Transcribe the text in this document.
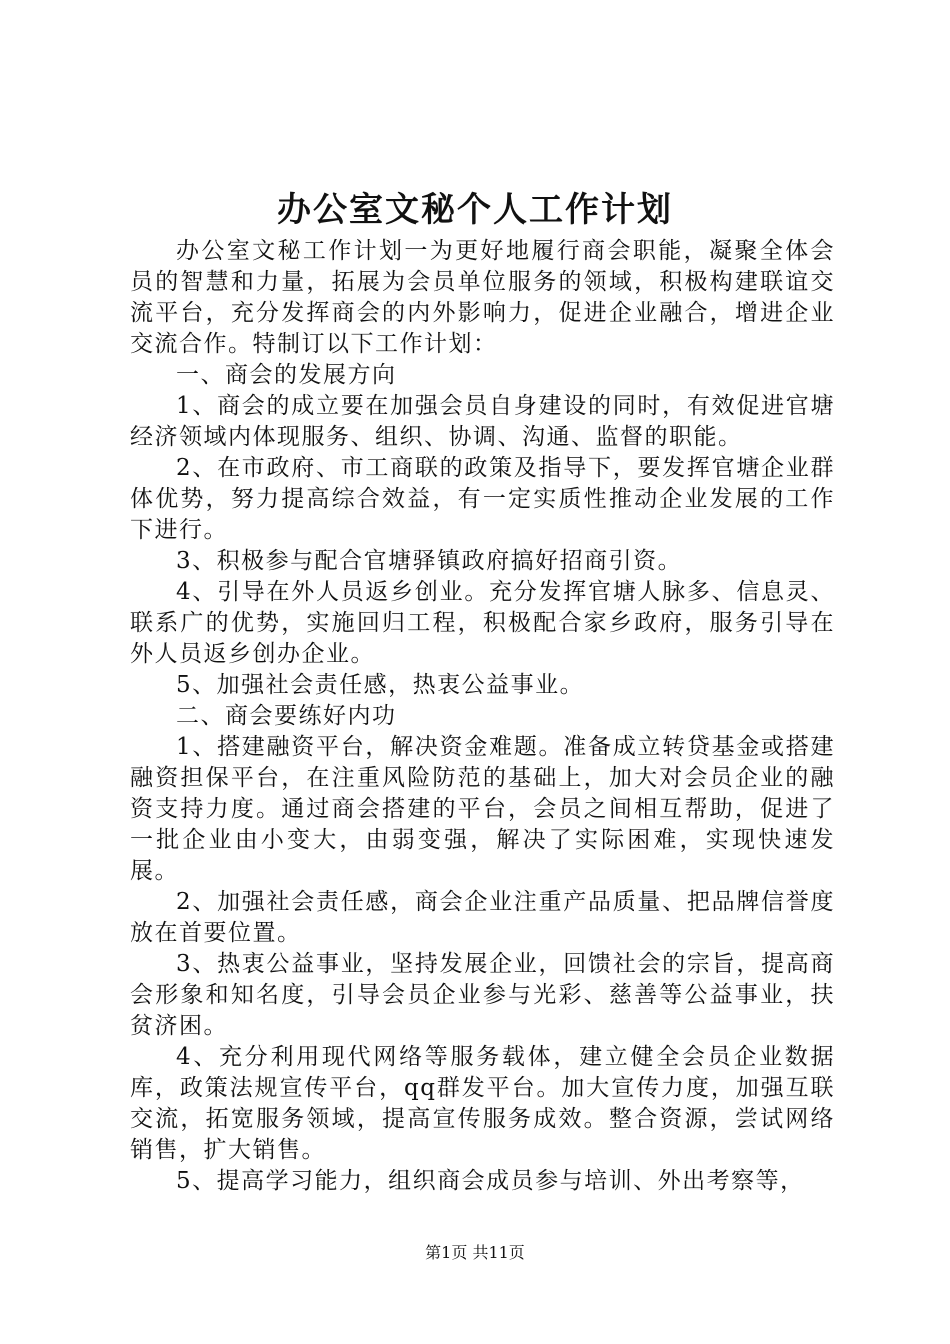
办公室文秘个人工作计划

办公室文秘工作计划一为更好地履行商会职能，凝聚全体会员的智慧和力量，拓展为会员单位服务的领域，积极构建联谊交流平台，充分发挥商会的内外影响力，促进企业融合，增进企业交流合作。特制订以下工作计划：

一、商会的发展方向

1、商会的成立要在加强会员自身建设的同时，有效促进官塘经济领域内体现服务、组织、协调、沟通、监督的职能。

2、在市政府、市工商联的政策及指导下，要发挥官塘企业群体优势，努力提高综合效益，有一定实质性推动企业发展的工作下进行。

3、积极参与配合官塘驿镇政府搞好招商引资。

4、引导在外人员返乡创业。充分发挥官塘人脉多、信息灵、联系广的优势，实施回归工程，积极配合家乡政府，服务引导在外人员返乡创办企业。

5、加强社会责任感，热衷公益事业。

二、商会要练好内功

1、搭建融资平台，解决资金难题。准备成立转贷基金或搭建融资担保平台，在注重风险防范的基础上，加大对会员企业的融资支持力度。通过商会搭建的平台，会员之间相互帮助，促进了一批企业由小变大，由弱变强，解决了实际困难，实现快速发展。

2、加强社会责任感，商会企业注重产品质量、把品牌信誉度放在首要位置。

3、热衷公益事业，坚持发展企业，回馈社会的宗旨，提高商会形象和知名度，引导会员企业参与光彩、慈善等公益事业，扶贫济困。

4、充分利用现代网络等服务载体，建立健全会员企业数据库，政策法规宣传平台，qq群发平台。加大宣传力度，加强互联交流，拓宽服务领域，提高宣传服务成效。整合资源，尝试网络销售，扩大销售。

5、提高学习能力，组织商会成员参与培训、外出考察等，

第1页 共11页
